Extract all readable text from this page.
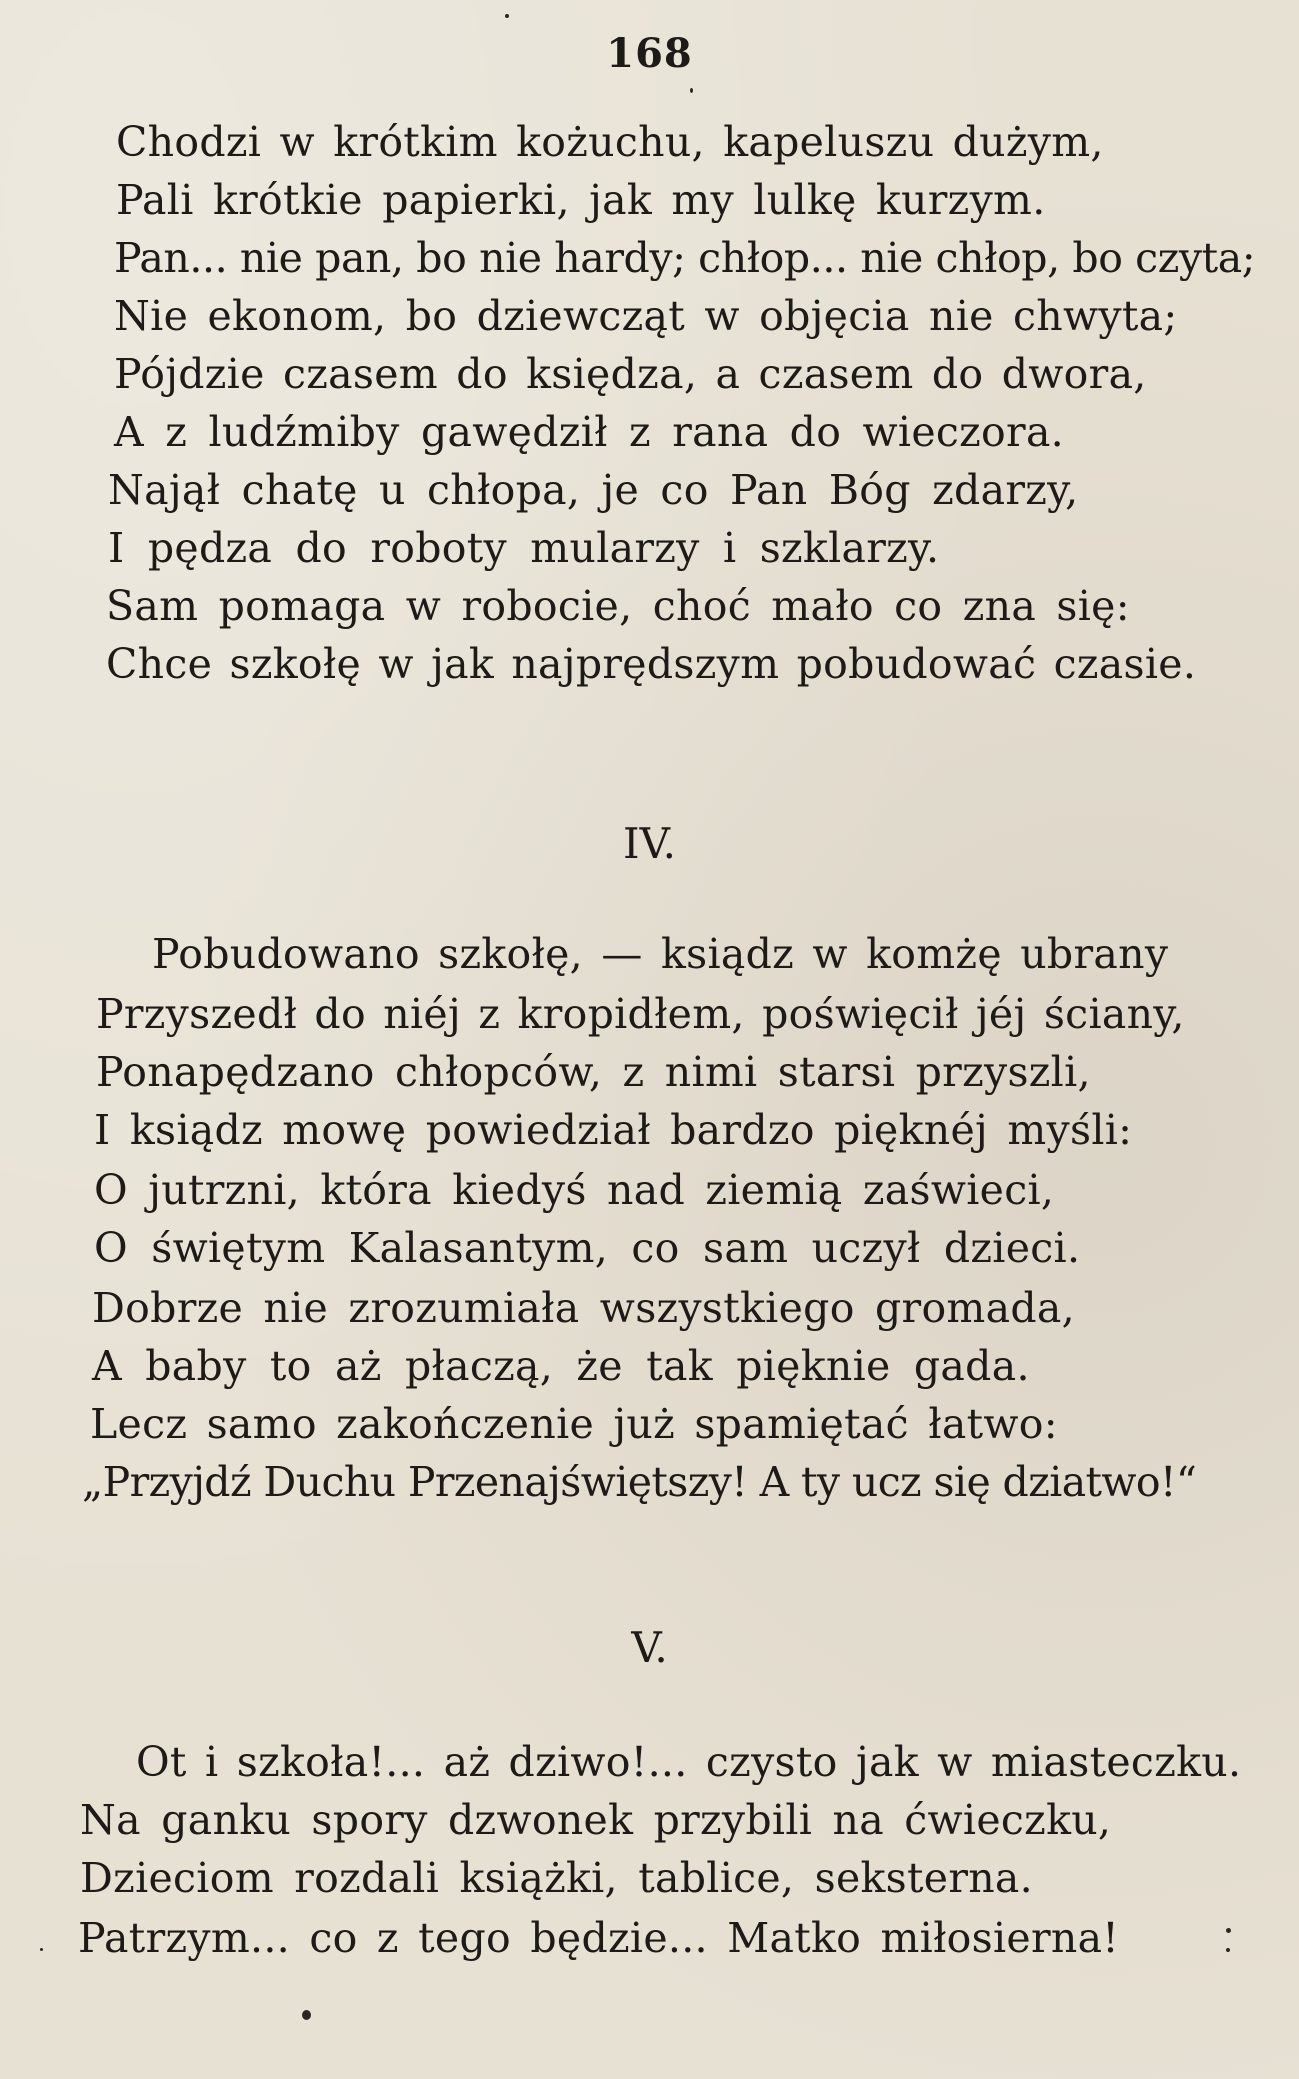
168
Chodzi w krótkim kożuchu, kapeluszu dużym,
Pali krótkie papierki, jak my lulkę kurzym.
Pan... nie pan, bo nie hardy; chłop... nie chłop, bo czyta;
Nie ekonom, bo dziewcząt w objęcia nie chwyta;
Pójdzie czasem do księdza, a czasem do dwora,
A z ludźmiby gawędził z rana do wieczora.
Najął chatę u chłopa, je co Pan Bóg zdarzy,
I pędza do roboty mularzy i szklarzy.
Sam pomaga w robocie, choć mało co zna się:
Chce szkołę w jak najprędszym pobudować czasie.
IV.
Pobudowano szkołę, — ksiądz w komżę ubrany
Przyszedł do niéj z kropidłem, poświęcił jéj ściany,
Ponapędzano chłopców, z nimi starsi przyszli,
I ksiądz mowę powiedział bardzo pięknéj myśli:
O jutrzni, która kiedyś nad ziemią zaświeci,
O świętym Kalasantym, co sam uczył dzieci.
Dobrze nie zrozumiała wszystkiego gromada,
A baby to aż płaczą, że tak pięknie gada.
Lecz samo zakończenie już spamiętać łatwo:
„Przyjdź Duchu Przenajświętszy! A ty ucz się dziatwo!“
V.
Ot i szkoła!... aż dziwo!... czysto jak w miasteczku.
Na ganku spory dzwonek przybili na ćwieczku,
Dzieciom rozdali książki, tablice, seksterna.
Patrzym... co z tego będzie... Matko miłosierna!
